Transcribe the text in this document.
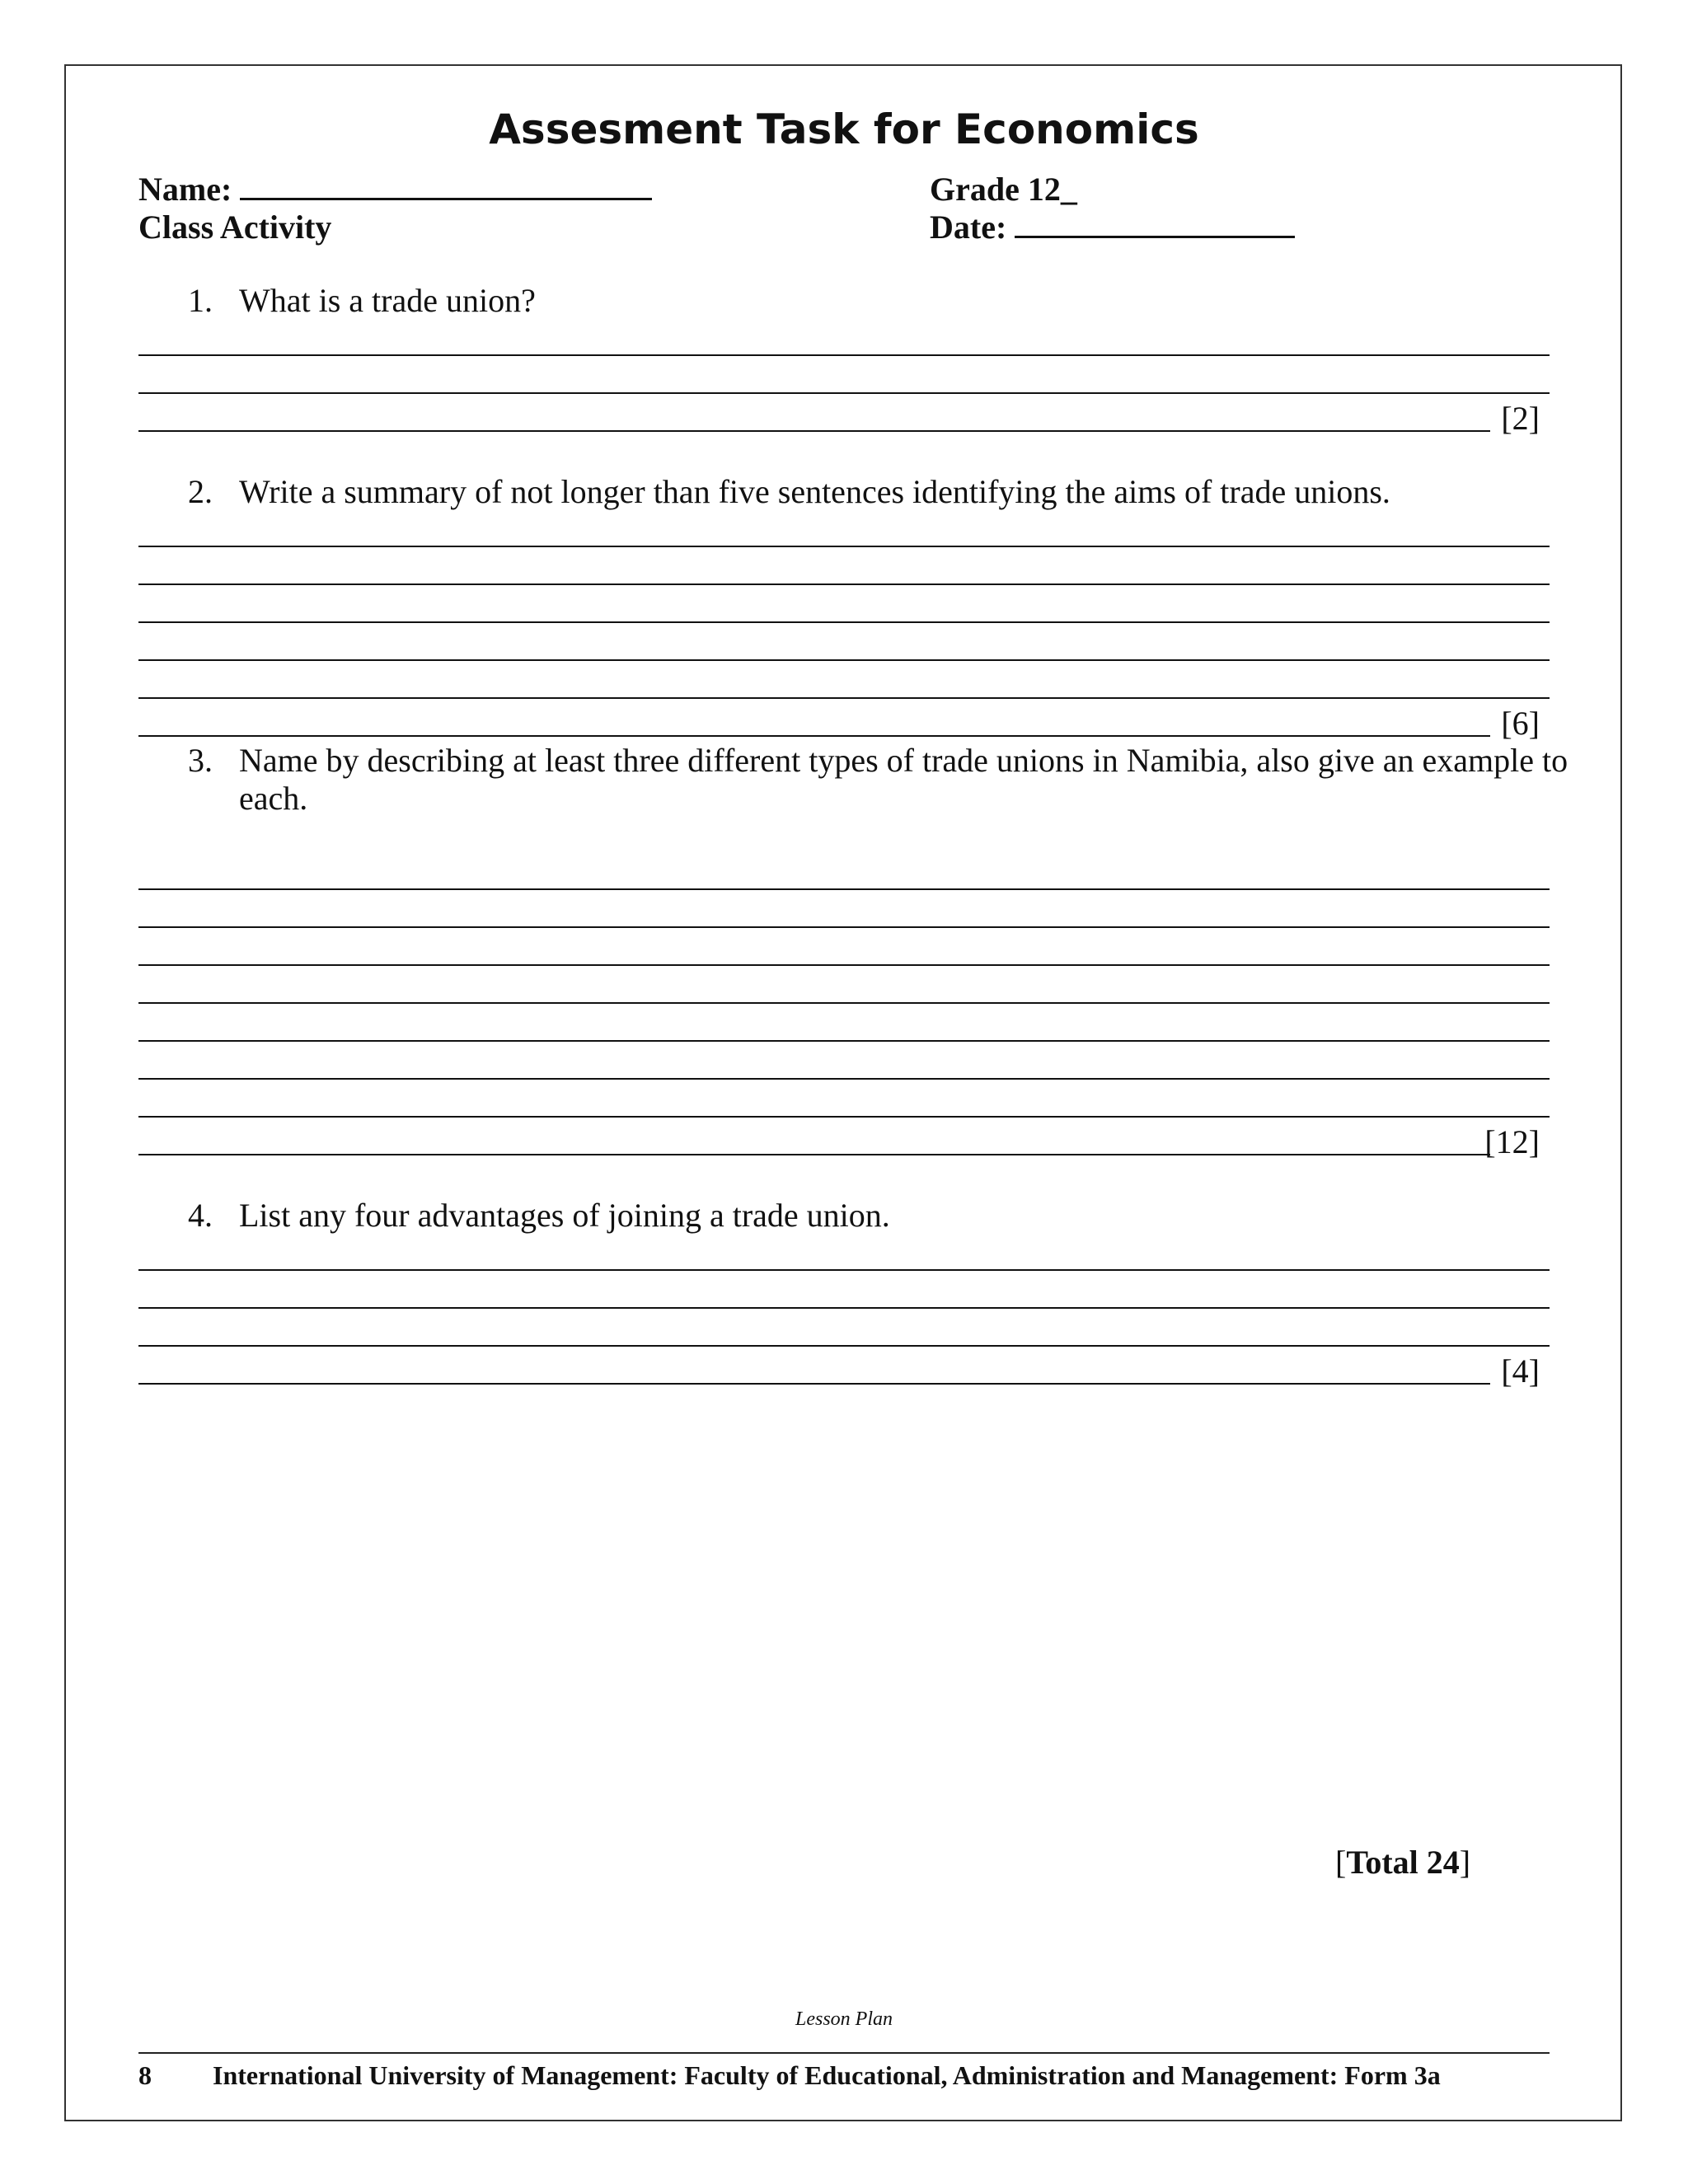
Assesment Task for Economics
Name:
Class Activity
Grade 12_
Date:
1. What is a trade union?
[2]
2. Write a summary of not longer than five sentences identifying the aims of trade unions.
[6]
3. Name by describing at least three different types of trade unions in Namibia, also give an example to each.
[12]
4. List any four advantages of joining a trade union.
[4]
[Total 24]
Lesson Plan
8 International University of Management: Faculty of Educational, Administration and Management: Form 3a
